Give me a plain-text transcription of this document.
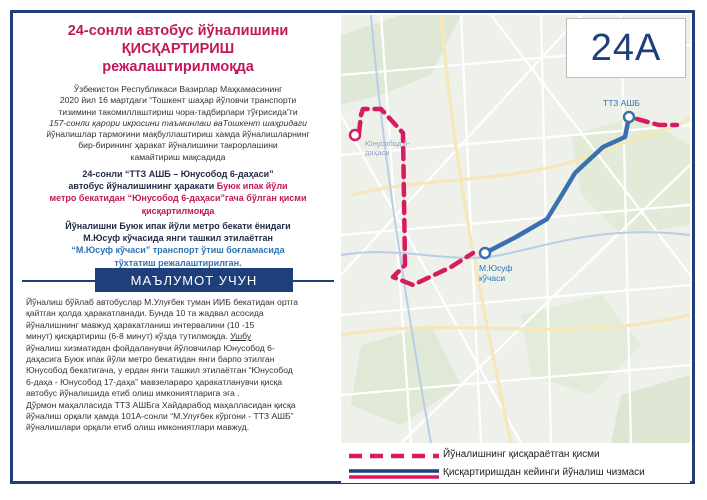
24-сонли автобус йўналишини
ҚИСҚАРТИРИШ
режалаштирилмоқда
Ўзбекистон Республикаси Вазирлар Маҳкамасининг
2020 йил 16 мартдаги “Тошкент шаҳар йўловчи транспорти
тизимини такомиллаштириш чора-тадбирлари тўғрисида”ги
157-сонли қарори икросини таъминлаш ваТошкент шаҳридаги
йўналишлар тармоғини мақбуллаштириш хамда йўналишларнинг
бир-бирининг ҳаракат йўналишини такрорлашини
камайтириш мақсадида
24-сонли “ТТЗ АШБ – Юнусобод 6-даҳаси”
автобус йўналишининг ҳаракати Буюк ипак йўли
метро бекатидан “Юнусобод 6-даҳаси”гача бўлган қисми
қисқартилмоқда
Йўналишни Буюк ипак йўли метро бекати ёнидаги
М.Юсуф кўчасида янги ташкил этилаётган
“М.Юсуф кўчаси” транспорт ўтиш боғламасида
тўхтатиш режалаштирилган.
МАЪЛУМОТ УЧУН
Йўналиш бўйлаб автобуслар М.Улуғбек туман ИИБ бекатидан ортга
қайтган ҳолда ҳаракатланади. Бунда 10 та жадвал асосида
йўналишнинг мавжуд ҳаракатланиш интервалини (10 -15
минут) қисқартириш (6-8 минут) кўзда тутилмоқда. Ушбу
йўналиш хизматидан фойдаланувчи йўловчилар Юнусобод 6-
даҳасига Буюк ипак йўли метро бекатидан янги барпо этилган
Юнусобод бекатигача, у ердан янги ташкил этилаётган “Юнусобод
6-даҳа - Юнусобод 17-даҳа” мавзеларaро ҳаракатланувчи қисқа
автобус йўналишида етиб олиш имкониятларига эга .
Дўрмон маҳалласида ТТЗ АШБга Хайдарабод маҳалласидан қисқа
йўналиш орқали ҳамда 101А-сонли “М.Улуғбек кўргони - ТТЗ АШБ”
йўналишлари орқали етиб олиш имкониятлари мавжуд.
ТТЗ АШБ
Юнусобод 6-даҳаси
М.Юсуф
кўчаси
24A
Йўналишнинг қисқараётган қисми
Қисқартиришдан кейинги йўналиш чизмаси
